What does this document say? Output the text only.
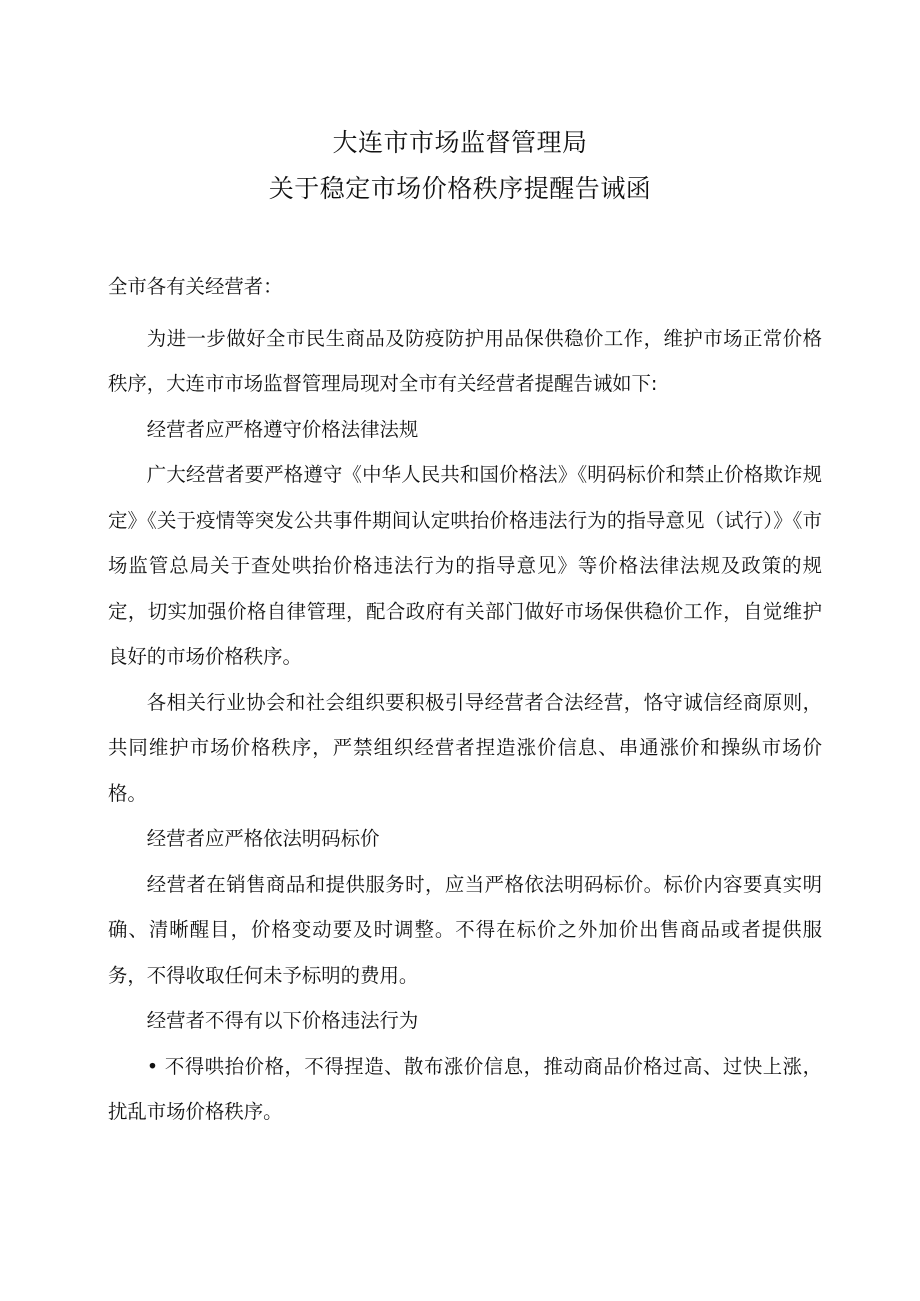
大连市市场监督管理局
关于稳定市场价格秩序提醒告诫函

全市各有关经营者：

为进一步做好全市民生商品及防疫防护用品保供稳价工作，维护市场正常价格秩序，大连市市场监督管理局现对全市有关经营者提醒告诫如下:

经营者应严格遵守价格法律法规

广大经营者要严格遵守《中华人民共和国价格法》《明码标价和禁止价格欺诈规定》《关于疫情等突发公共事件期间认定哄抬价格违法行为的指导意见（试行）》《市场监管总局关于查处哄抬价格违法行为的指导意见》等价格法律法规及政策的规定，切实加强价格自律管理，配合政府有关部门做好市场保供稳价工作，自觉维护良好的市场价格秩序。

各相关行业协会和社会组织要积极引导经营者合法经营，恪守诚信经商原则，共同维护市场价格秩序，严禁组织经营者捏造涨价信息、串通涨价和操纵市场价格。

经营者应严格依法明码标价

经营者在销售商品和提供服务时，应当严格依法明码标价。标价内容要真实明确、清晰醒目，价格变动要及时调整。不得在标价之外加价出售商品或者提供服务，不得收取任何未予标明的费用。

经营者不得有以下价格违法行为

• 不得哄抬价格，不得捏造、散布涨价信息，推动商品价格过高、过快上涨，扰乱市场价格秩序。
